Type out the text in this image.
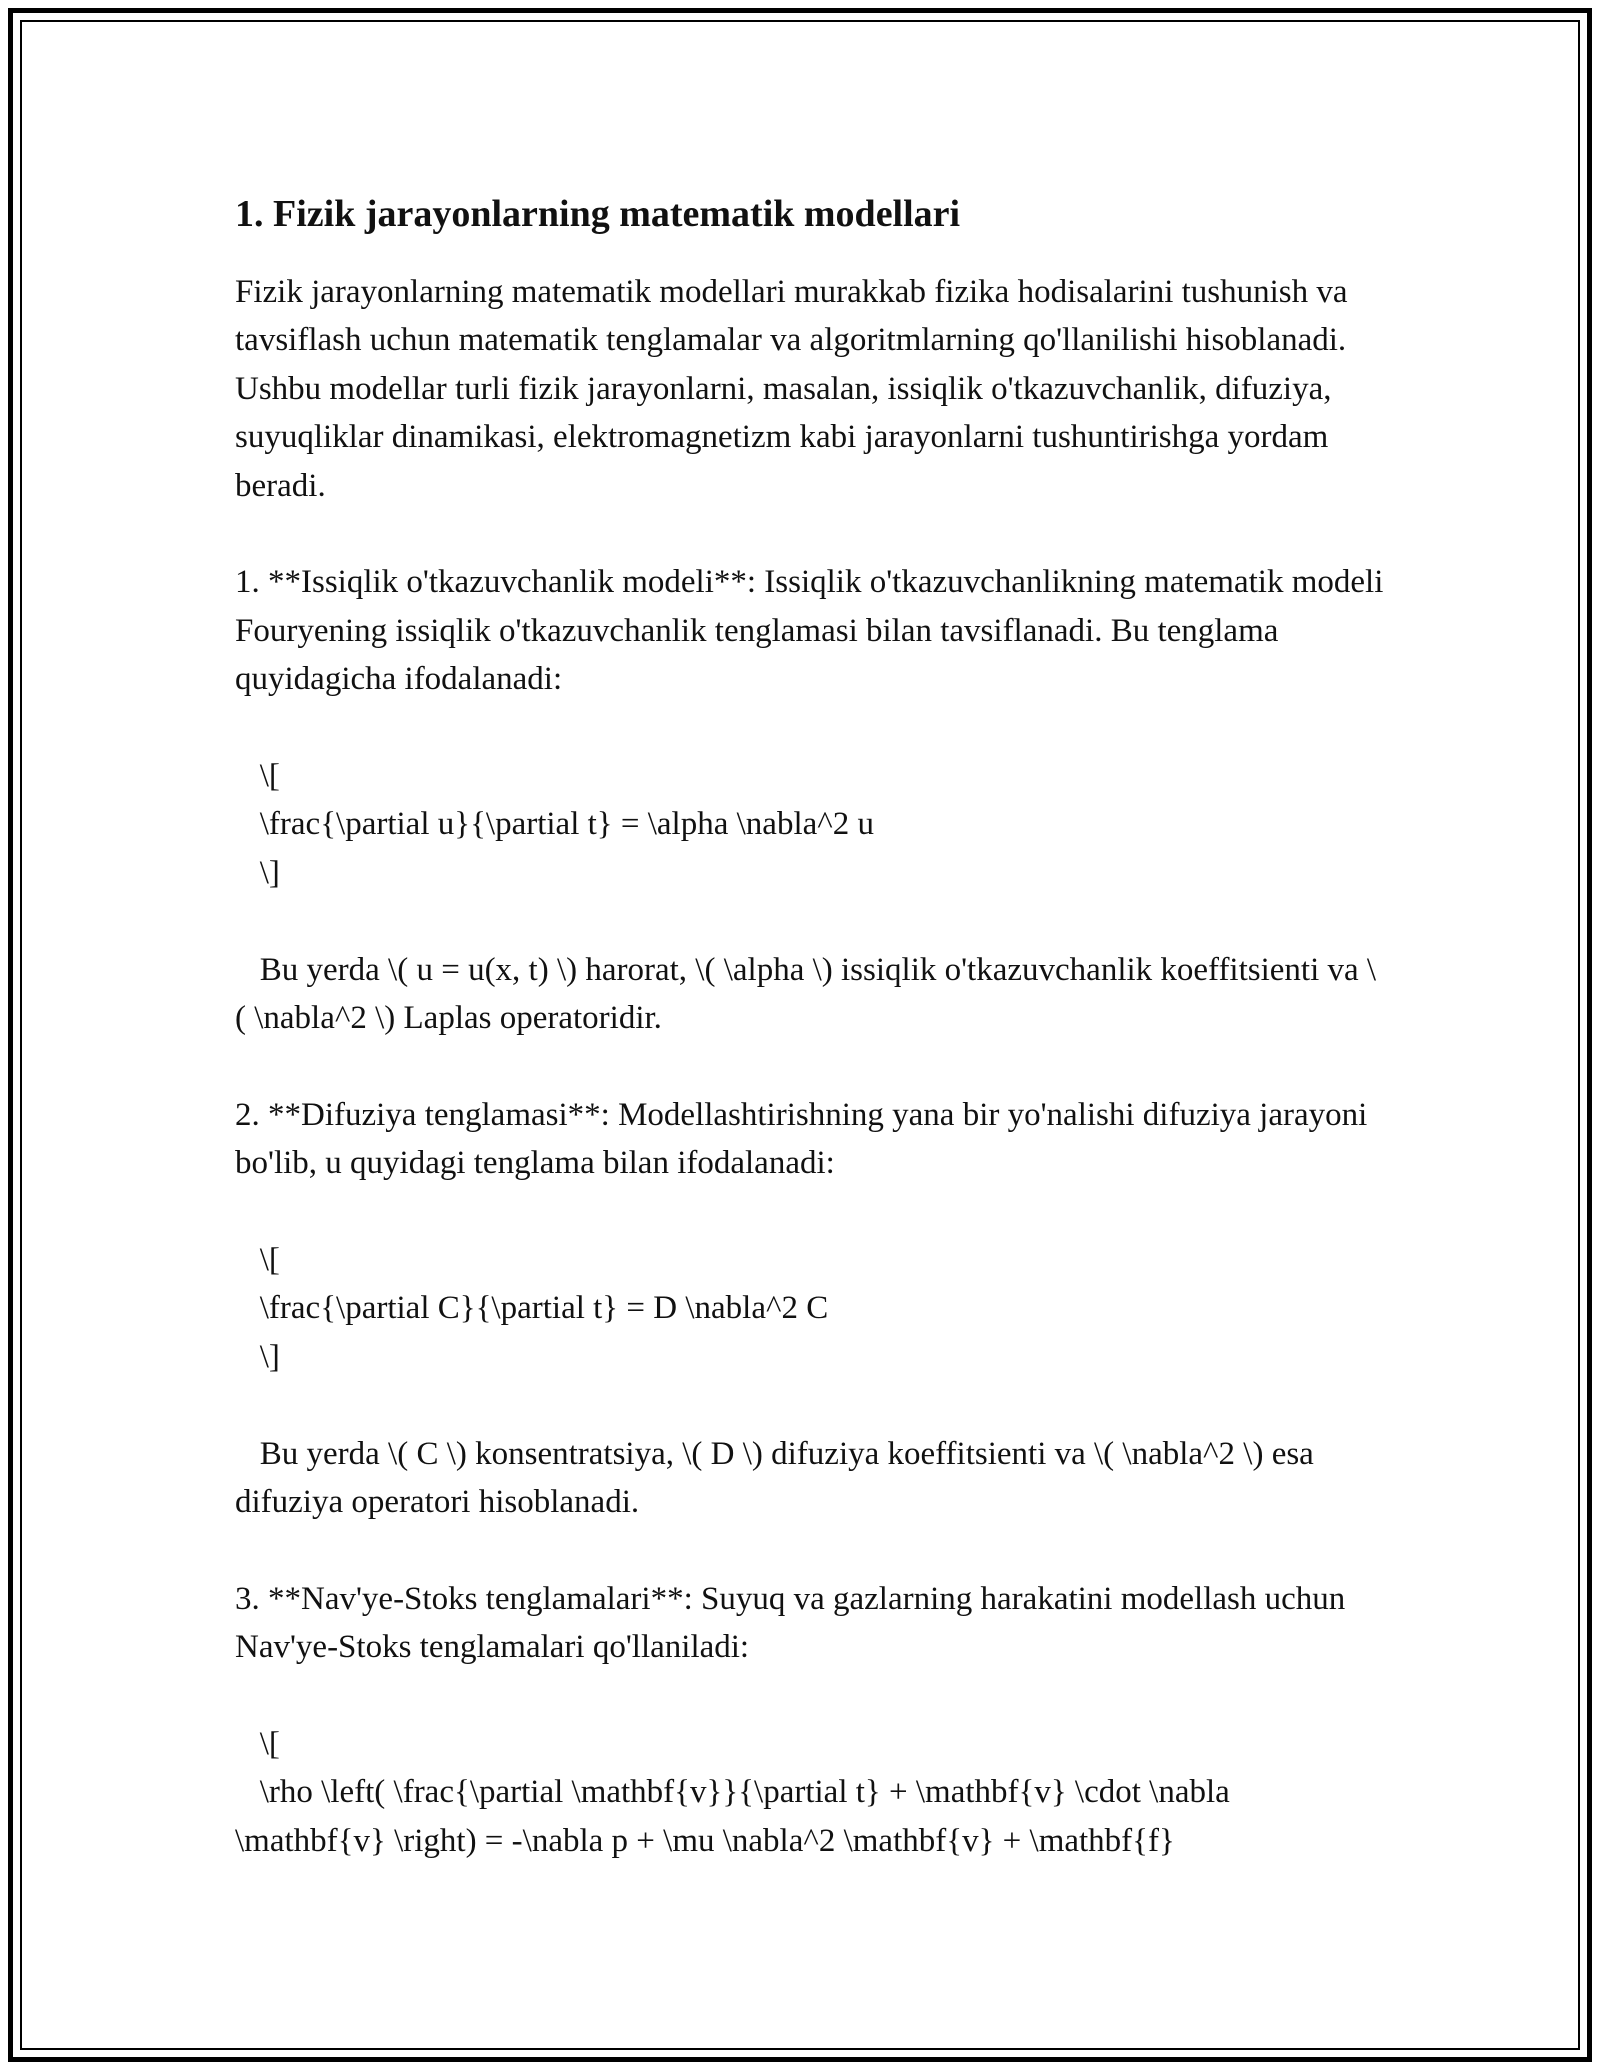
1. Fizik jarayonlarning matematik modellari

Fizik jarayonlarning matematik modellari murakkab fizika hodisalarini tushunish va tavsiflash uchun matematik tenglamalar va algoritmlarning qo'llanilishi hisoblanadi. Ushbu modellar turli fizik jarayonlarni, masalan, issiqlik o'tkazuvchanlik, difuziya, suyuqliklar dinamikasi, elektromagnetizm kabi jarayonlarni tushuntirishga yordam beradi.

1. **Issiqlik o'tkazuvchanlik modeli**: Issiqlik o'tkazuvchanlikning matematik modeli Fouryening issiqlik o'tkazuvchanlik tenglamasi bilan tavsiflanadi. Bu tenglama quyidagicha ifodalanadi:

\[

\frac{\partial u}{\partial t} = \alpha \nabla^2 u

\]

Bu yerda \( u = u(x, t) \) harorat, \( \alpha \) issiqlik o'tkazuvchanlik koeffitsienti va \( \nabla^2 \) Laplas operatoridir.

2. **Difuziya tenglamasi**: Modellashtirishning yana bir yo'nalishi difuziya jarayoni bo'lib, u quyidagi tenglama bilan ifodalanadi:

\[

\frac{\partial C}{\partial t} = D \nabla^2 C

\]

Bu yerda \( C \) konsentratsiya, \( D \) difuziya koeffitsienti va \( \nabla^2 \) esa difuziya operatori hisoblanadi.

3. **Nav'ye-Stoks tenglamalari**: Suyuq va gazlarning harakatini modellash uchun Nav'ye-Stoks tenglamalari qo'llaniladi:

\[

\rho \left( \frac{\partial \mathbf{v}}{\partial t} + \mathbf{v} \cdot \nabla \mathbf{v} \right) = -\nabla p + \mu \nabla^2 \mathbf{v} + \mathbf{f}
